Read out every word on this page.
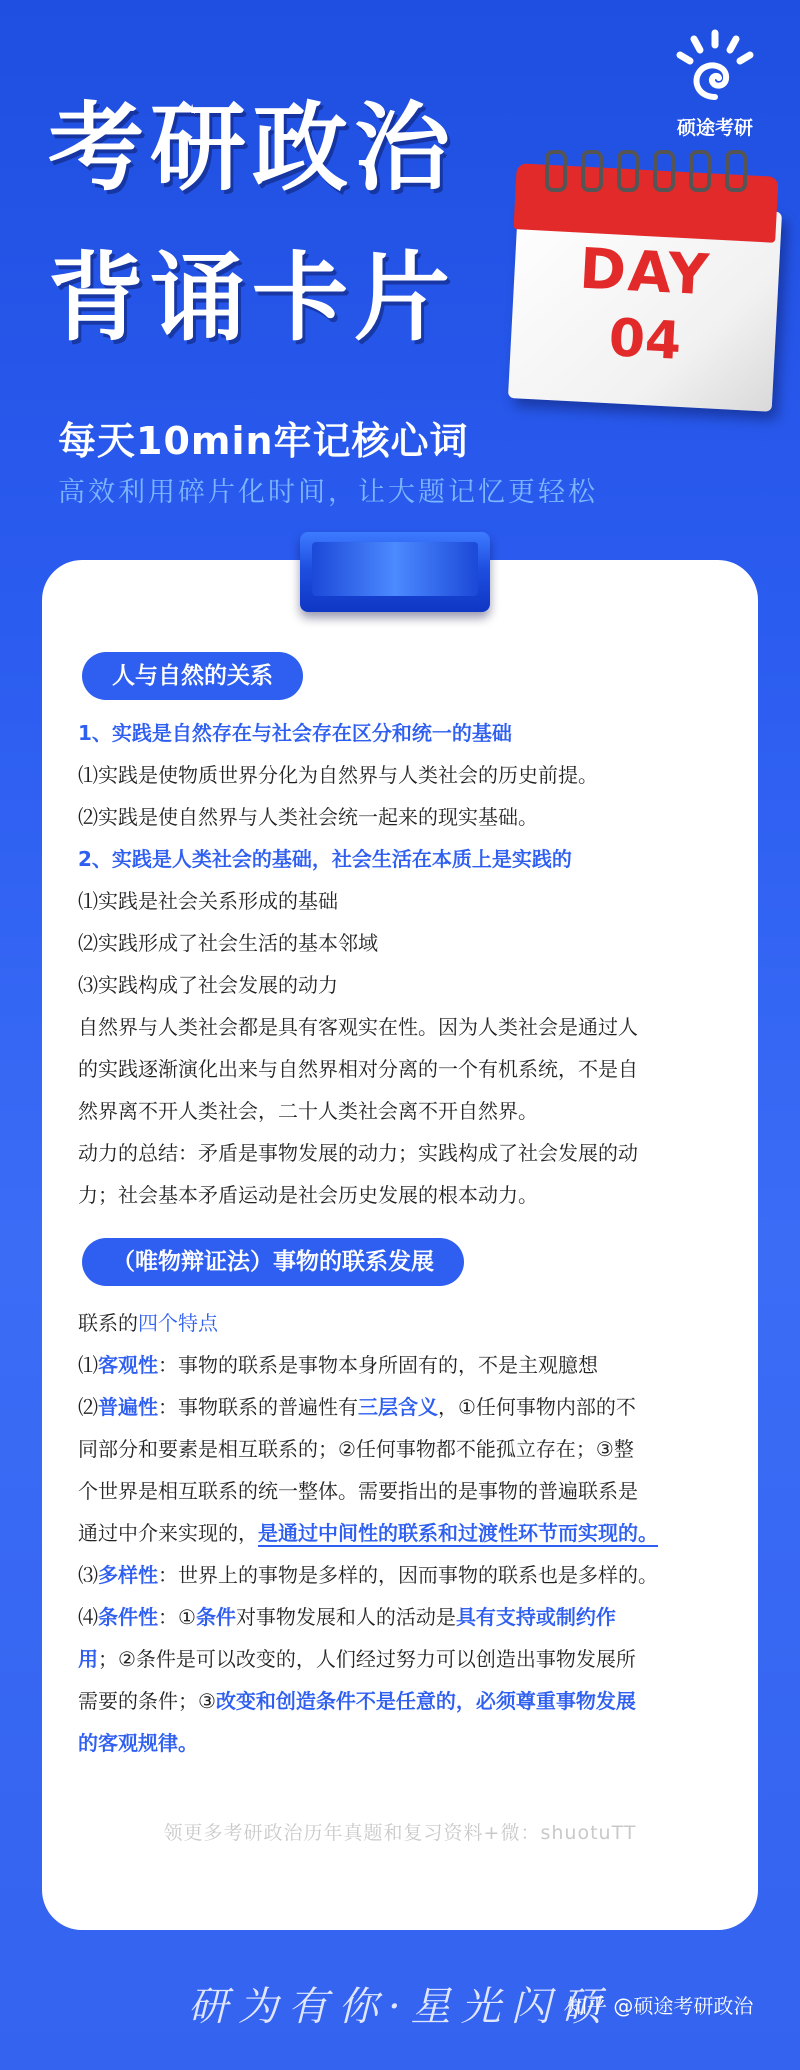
硕途考研
考研政治
背诵卡片	DAY
04
每天10min牢记核心词
高效利用碎片化时间，让大题记忆更轻松
人与自然的关系
1、实践是自然存在与社会存在区分和统一的基础
⑴实践是使物质世界分化为自然界与人类社会的历史前提。
⑵实践是使自然界与人类社会统一起来的现实基础。
2、实践是人类社会的基础，社会生活在本质上是实践的
⑴实践是社会关系形成的基础
⑵实践形成了社会生活的基本邻域
⑶实践构成了社会发展的动力
自然界与人类社会都是具有客观实在性。因为人类社会是通过人
的实践逐渐演化出来与自然界相对分离的一个有机系统，不是自
然界离不开人类社会，二十人类社会离不开自然界。
动力的总结：矛盾是事物发展的动力；实践构成了社会发展的动
力；社会基本矛盾运动是社会历史发展的根本动力。
（唯物辩证法）事物的联系发展
联系的四个特点
⑴客观性：事物的联系是事物本身所固有的，不是主观臆想
⑵普遍性：事物联系的普遍性有三层含义，①任何事物内部的不
同部分和要素是相互联系的；②任何事物都不能孤立存在；③整
个世界是相互联系的统一整体。需要指出的是事物的普遍联系是
通过中介来实现的，是通过中间性的联系和过渡性环节而实现的。
⑶多样性：世界上的事物是多样的，因而事物的联系也是多样的。
⑷条件性：①条件对事物发展和人的活动是具有支持或制约作
用；②条件是可以改变的，人们经过努力可以创造出事物发展所
需要的条件；③改变和创造条件不是任意的，必须尊重事物发展
的客观规律。
领更多考研政治历年真题和复习资料+微：shuotuTT
研为有你·星光闪硕
知乎 @硕途考研政治
